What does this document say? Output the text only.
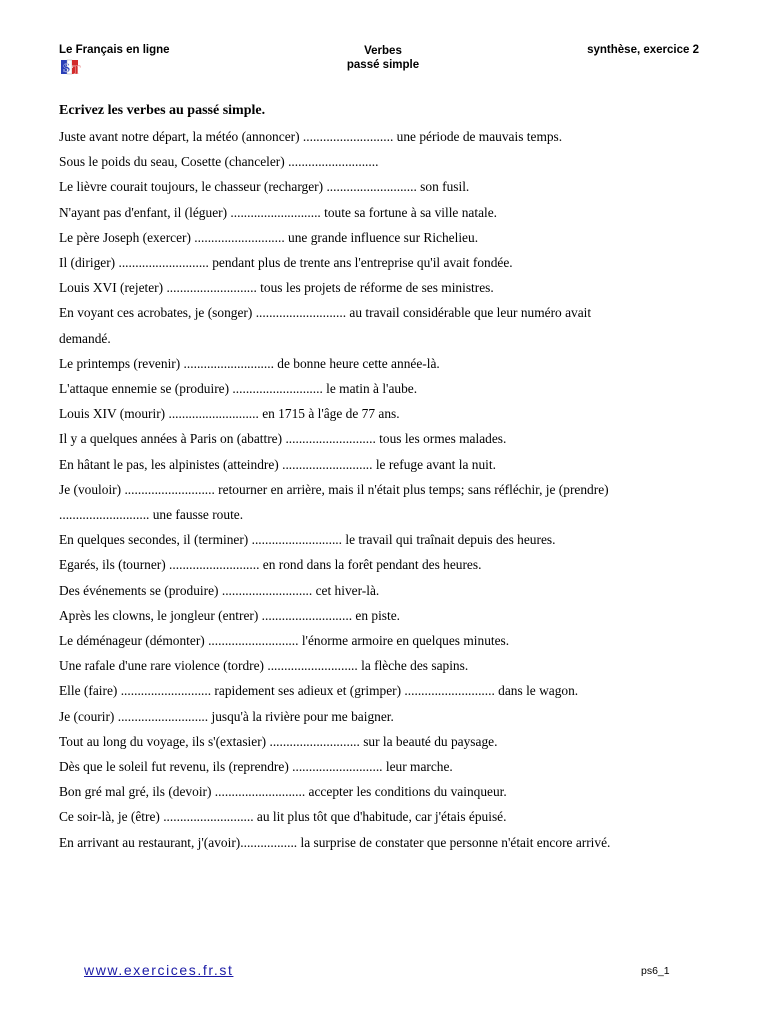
Le Français en ligne	Verbes
passé simple
synthèse, exercice 2
S T
Ecrivez les verbes au passé simple.
Juste avant notre départ, la météo (annoncer) ........................... une période de mauvais temps.
Sous le poids du seau, Cosette (chanceler) ...........................
Le lièvre courait toujours, le chasseur (recharger) ........................... son fusil.
N'ayant pas d'enfant, il (léguer) ........................... toute sa fortune à sa ville natale.
Le père Joseph (exercer) ........................... une grande influence sur Richelieu.
Il (diriger) ........................... pendant plus de trente ans l'entreprise qu'il avait fondée.
Louis XVI (rejeter) ........................... tous les projets de réforme de ses ministres.
En voyant ces acrobates, je (songer) ........................... au travail considérable que leur numéro avait
demandé.
Le printemps (revenir) ........................... de bonne heure cette année-là.
L'attaque ennemie se (produire) ........................... le matin à l'aube.
Louis XIV (mourir) ........................... en 1715 à l'âge de 77 ans.
Il y a quelques années à Paris on (abattre) ........................... tous les ormes malades.
En hâtant le pas, les alpinistes (atteindre) ........................... le refuge avant la nuit.
Je (vouloir) ........................... retourner en arrière, mais il n'était plus temps; sans réfléchir, je (prendre)
........................... une fausse route.
En quelques secondes, il (terminer) ........................... le travail qui traînait depuis des heures.
Egarés, ils (tourner) ........................... en rond dans la forêt pendant des heures.
Des événements se (produire) ........................... cet hiver-là.
Après les clowns, le jongleur (entrer) ........................... en piste.
Le déménageur (démonter) ........................... l'énorme armoire en quelques minutes.
Une rafale d'une rare violence (tordre) ........................... la flèche des sapins.
Elle (faire) ........................... rapidement ses adieux et (grimper) ........................... dans le wagon.
Je (courir) ........................... jusqu'à la rivière pour me baigner.
Tout au long du voyage, ils s'(extasier) ........................... sur la beauté du paysage.
Dès que le soleil fut revenu, ils (reprendre) ........................... leur marche.
Bon gré mal gré, ils (devoir) ........................... accepter les conditions du vainqueur.
Ce soir-là, je (être) ........................... au lit plus tôt que d'habitude, car j'étais épuisé.
En arrivant au restaurant, j'(avoir)................. la surprise de constater que personne n'était encore arrivé.
www.exercices.fr.st	ps6_1
